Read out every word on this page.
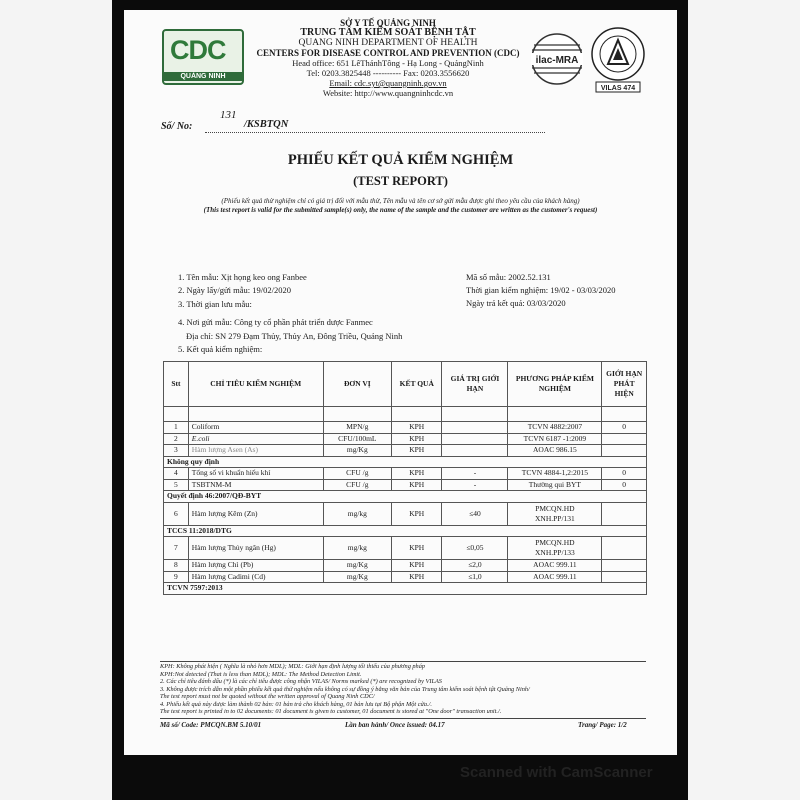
CDC
QUẢNG NINH
SỞ Y TẾ QUẢNG NINH
TRUNG TÂM KIỂM SOÁT BỆNH TẬT
QUANG NINH DEPARTMENT OF HEALTH
CENTERS FOR DISEASE CONTROL AND PREVENTION (CDC)
Head office: 651 LêThánhTông - Hạ Long - QuảngNinh
Tel: 0203.3825448 ---------- Fax: 0203.3556620
Email: cdc.syt@quangninh.gov.vn
Website: http://www.quangninhcdc.vn
ilac-MRA
VILAS 474
Số/ No:
131
/KSBTQN
PHIẾU KẾT QUẢ KIỂM NGHIỆM
(TEST REPORT)
(Phiếu kết quả thử nghiệm chỉ có giá trị đối với mẫu thử, Tên mẫu và tên cơ sở gửi mẫu được ghi theo yêu cầu của khách hàng)
(This test report is valid for the submitted sample(s) only, the name of the sample and the customer are written as the customer's request)
1. Tên mẫu: Xịt họng keo ong Fanbee	Mã số mẫu: 2002.52.131
2. Ngày lấy/gửi mẫu: 19/02/2020	Thời gian kiểm nghiệm: 19/02 - 03/03/2020
3. Thời gian lưu mẫu:	Ngày trả kết quả: 03/03/2020
4. Nơi gửi mẫu: Công ty cổ phần phát triển dược Fanmec
Địa chỉ: SN 279 Đạm Thủy, Thủy An, Đông Triều, Quảng Ninh
5. Kết quả kiểm nghiệm:
Stt	CHỈ TIÊU KIỂM NGHIỆM	ĐƠN VỊ	KẾT QUẢ	GIÁ TRỊ GIỚI HẠN	PHƯƠNG PHÁP KIỂM NGHIỆM	GIỚI HẠN PHÁT HIỆN

1	Coliform	MPN/g	KPH		TCVN 4882:2007	0
2	E.coli	CFU/100mL	KPH		TCVN 6187 -1:2009	
3	Hàm lượng Asen (As)	mg/Kg	KPH		AOAC 986.15	
Không quy định						
4	Tổng số vi khuẩn hiếu khí	CFU /g	KPH	-	TCVN 4884-1,2:2015	0
5	TSBTNM-M	CFU /g	KPH	-	Thường qui BYT	0
Quyết định 46:2007/QĐ-BYT						
6	Hàm lượng Kẽm (Zn)	mg/kg	KPH	≤40	PMCQN.HD
XNH.PP/131	

TCCS 11:2018/DTG						
7	Hàm lượng Thủy ngân (Hg)	mg/kg	KPH	≤0,05	PMCQN.HD
XNH.PP/133	

8	Hàm lượng Chì (Pb)	mg/Kg	KPH	≤2,0	AOAC 999.11	
9	Hàm lượng Cadimi (Cd)	mg/Kg	KPH	≤1,0	AOAC 999.11	
TCVN 7597:2013						
KPH: Không phát hiện ( Nghĩa là nhỏ hơn MDL); MDL: Giới hạn định lượng tối thiểu của phương pháp
KPH:Not detected (That is less than MDL); MDL: The Method Detection Limit.
2. Các chỉ tiêu đánh dấu (*) là các chỉ tiêu được công nhận VILAS/ Norms marked (*) are recognized by VILAS
3. Không được trích dẫn một phần phiếu kết quả thử nghiệm nếu không có sự đồng ý bằng văn bản của Trung tâm kiểm soát bệnh tật Quảng Ninh/
The test report must not be quoted without the written approval of Quang Ninh CDC/
4. Phiếu kết quả này được làm thành 02 bản: 01 bản trả cho khách hàng, 01 bản lưu tại Bộ phận Một cửa./.
The test report is printed in to 02 documents: 01 document is given to customer, 01 document is stored at "One door" transaction unit./.
Mã số/ Code: PMCQN.BM 5.10/01	Lần ban hành/ Once issued: 04.17	Trang/ Page: 1/2
Scanned with CamScanner
